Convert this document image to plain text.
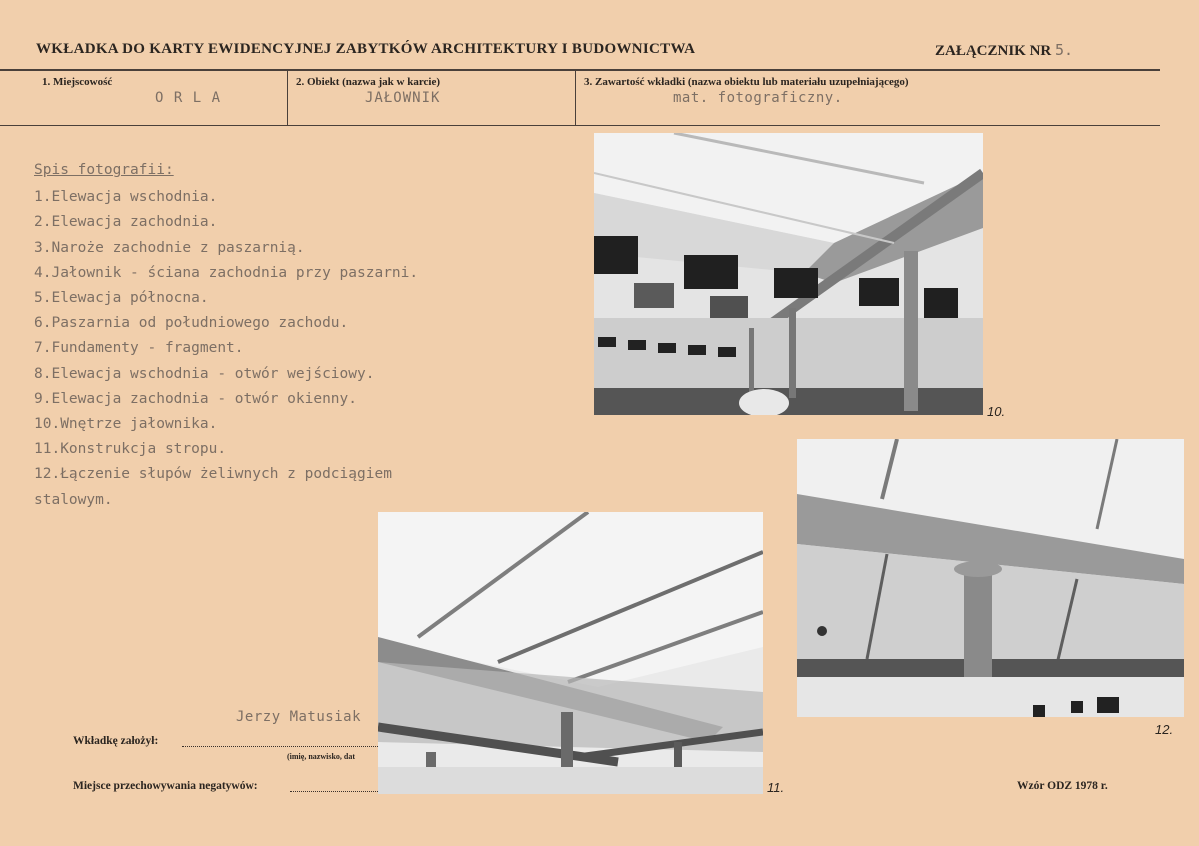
WKŁADKA DO KARTY EWIDENCYJNEJ ZABYTKÓW ARCHITEKTURY I BUDOWNICTWA	ZAŁĄCZNIK NR 5.
1. Miejscowość
O R L A
2. Obiekt (nazwa jak w karcie)
JAŁOWNIK
3. Zawartość wkładki (nazwa obiektu lub materiału uzupełniającego)
mat. fotograficzny.
Spis fotografii:
1.Elewacja wschodnia.
2.Elewacja zachodnia.
3.Naroże zachodnie z paszarnią.
4.Jałownik - ściana zachodnia przy paszarni.
5.Elewacja północna.
6.Paszarnia od południowego zachodu.
7.Fundamenty - fragment.
8.Elewacja wschodnia - otwór wejściowy.
9.Elewacja zachodnia - otwór okienny.
10.Wnętrze jałownika.
11.Konstrukcja stropu.
12.Łączenie słupów żeliwnych z podciągiem
stalowym.
10.
11.
12.
Jerzy Matusiak
Wkładkę założył:
(imię, nazwisko, dat
Miejsce przechowywania negatywów:	Wzór ODZ 1978 r.
